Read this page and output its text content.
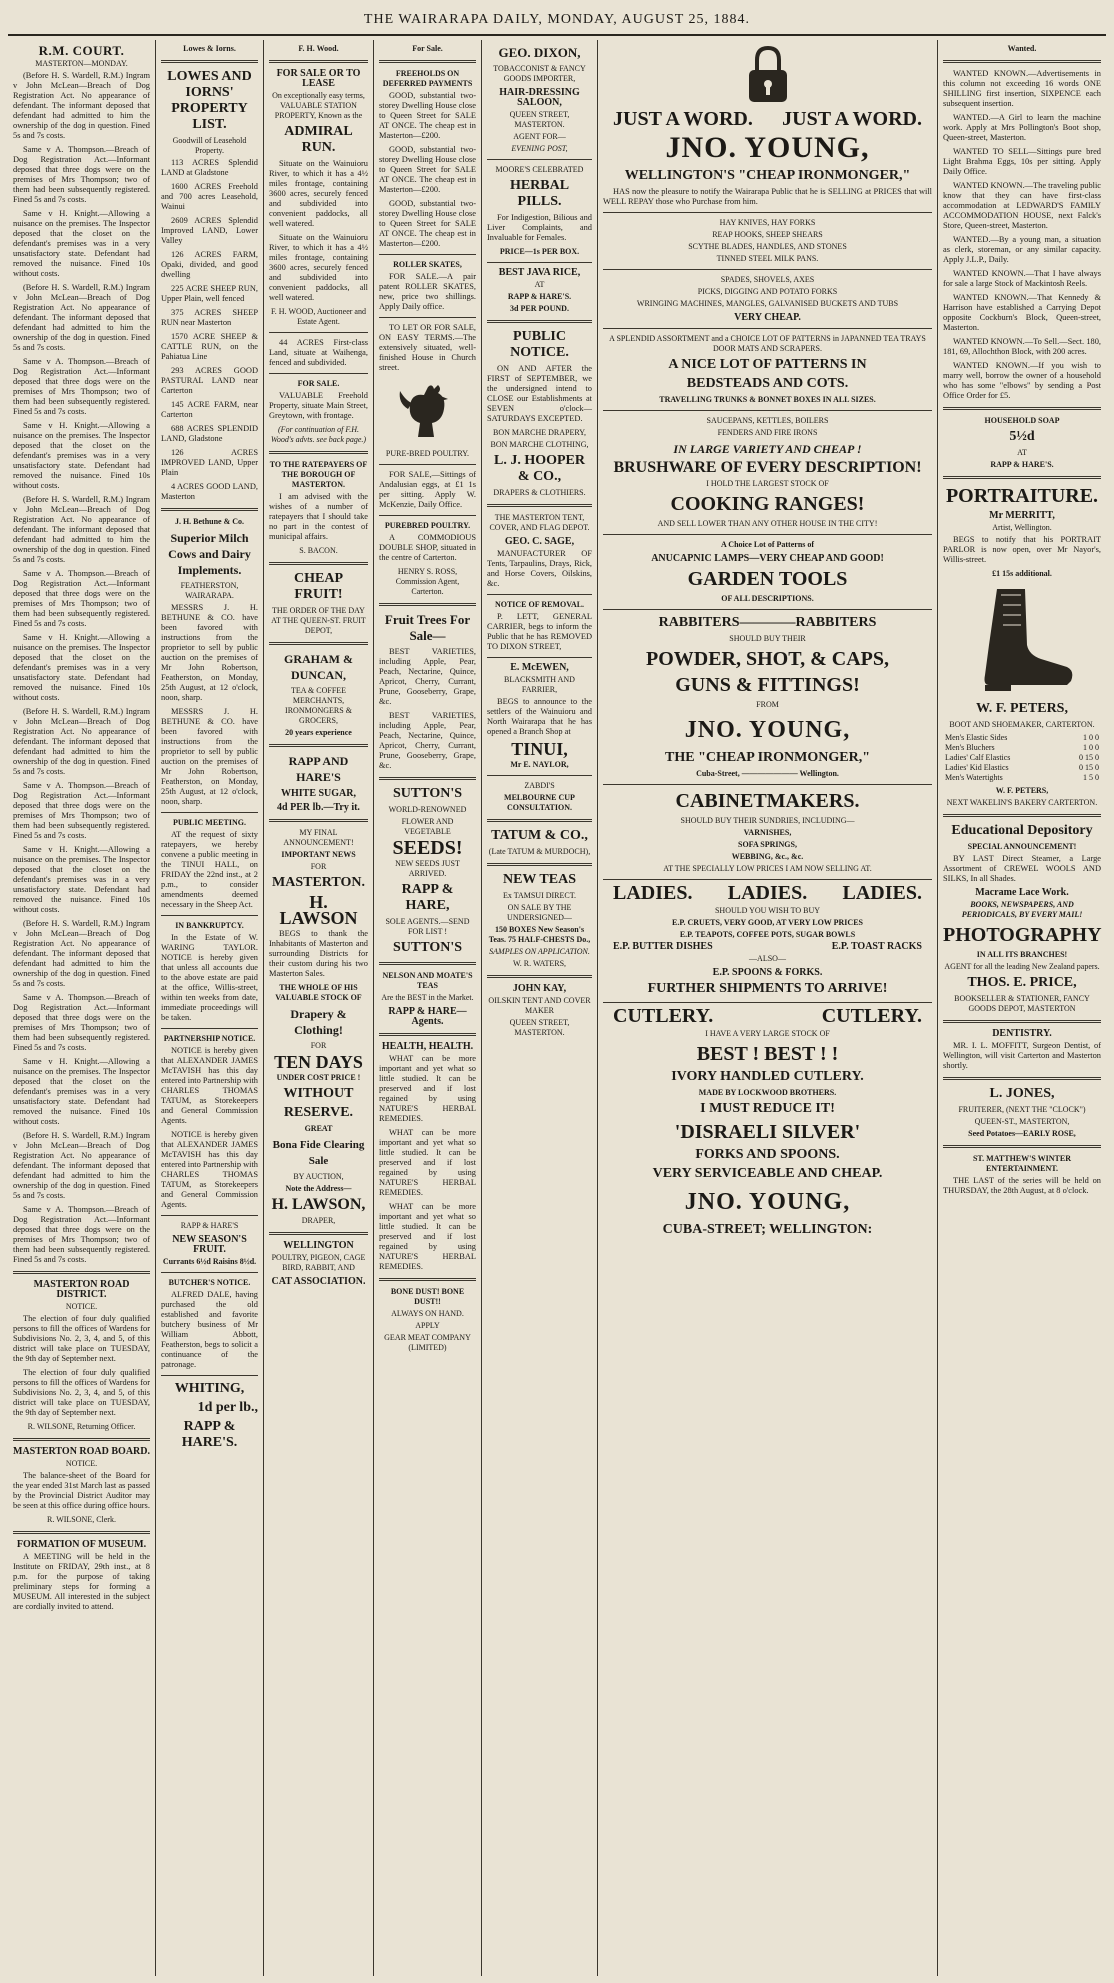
THE WAIRARAPA DAILY, MONDAY, AUGUST 25, 1884.
R.M. COURT.
MASTERTON—MONDAY.

(Before H. S. Wardell, R.M.) Ingram v John McLean—Breach of Dog Registration Act. No appearance of defendant. The informant deposed that defendant had admitted to him the ownership of the dog in question. Fined 5s and 7s costs.

Same v A. Thompson.—Breach of Dog Registration Act.—Informant deposed that three dogs were on the premises of Mrs Thompson; two of them had been subsequently registered. Fined 5s and 7s costs.

Same v H. Knight.—Allowing a nuisance on the premises. The Inspector deposed that the closet on the defendant's premises was in a very unsatisfactory state. Defendant had removed the nuisance. Fined 10s without costs.

(Before H. S. Wardell, R.M.) Ingram v John McLean—Breach of Dog Registration Act. No appearance of defendant. The informant deposed that defendant had admitted to him the ownership of the dog in question. Fined 5s and 7s costs.

Same v A. Thompson.—Breach of Dog Registration Act.—Informant deposed that three dogs were on the premises of Mrs Thompson; two of them had been subsequently registered. Fined 5s and 7s costs.

Same v H. Knight.—Allowing a nuisance on the premises. The Inspector deposed that the closet on the defendant's premises was in a very unsatisfactory state. Defendant had removed the nuisance. Fined 10s without costs.

(Before H. S. Wardell, R.M.) Ingram v John McLean—Breach of Dog Registration Act. No appearance of defendant. The informant deposed that defendant had admitted to him the ownership of the dog in question. Fined 5s and 7s costs.

Same v A. Thompson.—Breach of Dog Registration Act.—Informant deposed that three dogs were on the premises of Mrs Thompson; two of them had been subsequently registered. Fined 5s and 7s costs.

Same v H. Knight.—Allowing a nuisance on the premises. The Inspector deposed that the closet on the defendant's premises was in a very unsatisfactory state. Defendant had removed the nuisance. Fined 10s without costs.

(Before H. S. Wardell, R.M.) Ingram v John McLean—Breach of Dog Registration Act. No appearance of defendant. The informant deposed that defendant had admitted to him the ownership of the dog in question. Fined 5s and 7s costs.

Same v A. Thompson.—Breach of Dog Registration Act.—Informant deposed that three dogs were on the premises of Mrs Thompson; two of them had been subsequently registered. Fined 5s and 7s costs.

Same v H. Knight.—Allowing a nuisance on the premises. The Inspector deposed that the closet on the defendant's premises was in a very unsatisfactory state. Defendant had removed the nuisance. Fined 10s without costs.

(Before H. S. Wardell, R.M.) Ingram v John McLean—Breach of Dog Registration Act. No appearance of defendant. The informant deposed that defendant had admitted to him the ownership of the dog in question. Fined 5s and 7s costs.

Same v A. Thompson.—Breach of Dog Registration Act.—Informant deposed that three dogs were on the premises of Mrs Thompson; two of them had been subsequently registered. Fined 5s and 7s costs.

Same v H. Knight.—Allowing a nuisance on the premises. The Inspector deposed that the closet on the defendant's premises was in a very unsatisfactory state. Defendant had removed the nuisance. Fined 10s without costs.

(Before H. S. Wardell, R.M.) Ingram v John McLean—Breach of Dog Registration Act. No appearance of defendant. The informant deposed that defendant had admitted to him the ownership of the dog in question. Fined 5s and 7s costs.

Same v A. Thompson.—Breach of Dog Registration Act.—Informant deposed that three dogs were on the premises of Mrs Thompson; two of them had been subsequently registered. Fined 5s and 7s costs.

MASTERTON ROAD DISTRICT.
NOTICE.

The election of four duly qualified persons to fill the offices of Wardens for Subdivisions No. 2, 3, 4, and 5, of this district will take place on TUESDAY, the 9th day of September next.

The election of four duly qualified persons to fill the offices of Wardens for Subdivisions No. 2, 3, 4, and 5, of this district will take place on TUESDAY, the 9th day of September next.

R. WILSONE, Returning Officer.
MASTERTON ROAD BOARD.
NOTICE.

The balance-sheet of the Board for the year ended 31st March last as passed by the Provincial District Auditor may be seen at this office during office hours.

R. WILSONE, Clerk.
FORMATION OF MUSEUM.

A MEETING will be held in the Institute on FRIDAY, 29th inst., at 8 p.m. for the purpose of taking preliminary steps for forming a MUSEUM. All interested in the subject are cordially invited to attend.

Lowes & Iorns.
LOWES AND IORNS' PROPERTY LIST.
Goodwill of Leasehold Property.

113 ACRES Splendid LAND at Gladstone

1600 ACRES Freehold and 700 acres Leasehold, Wainui

2609 ACRES Splendid Improved LAND, Lower Valley

126 ACRES FARM, Opaki, divided, and good dwelling

225 ACRE SHEEP RUN, Upper Plain, well fenced

375 ACRES SHEEP RUN near Masterton

1570 ACRE SHEEP & CATTLE RUN, on the Pahiatua Line

293 ACRES GOOD PASTURAL LAND near Carterton

145 ACRE FARM, near Carterton

688 ACRES SPLENDID LAND, Gladstone

126 ACRES IMPROVED LAND, Upper Plain

4 ACRES GOOD LAND, Masterton

J. H. Bethune & Co.
Superior Milch Cows and Dairy Implements.
FEATHERSTON, WAIRARAPA.

MESSRS J. H. BETHUNE & CO. have been favored with instructions from the proprietor to sell by public auction on the premises of Mr John Robertson, Featherston, on Monday, 25th August, at 12 o'clock, noon, sharp.

MESSRS J. H. BETHUNE & CO. have been favored with instructions from the proprietor to sell by public auction on the premises of Mr John Robertson, Featherston, on Monday, 25th August, at 12 o'clock, noon, sharp.

PUBLIC MEETING.

AT the request of sixty ratepayers, we hereby convene a public meeting in the TINUI HALL, on FRIDAY the 22nd inst., at 2 p.m., to consider amendments deemed necessary in the Sheep Act.

IN BANKRUPTCY.

In the Estate of W. WARING TAYLOR. NOTICE is hereby given that unless all accounts due to the above estate are paid at the office, Willis-street, within ten weeks from date, immediate proceedings will be taken.

PARTNERSHIP NOTICE.

NOTICE is hereby given that ALEXANDER JAMES McTAVISH has this day entered into Partnership with CHARLES THOMAS TATUM, as Storekeepers and General Commission Agents.

NOTICE is hereby given that ALEXANDER JAMES McTAVISH has this day entered into Partnership with CHARLES THOMAS TATUM, as Storekeepers and General Commission Agents.

RAPP & HARE'S
NEW SEASON'S FRUIT.
Currants 6½d Raisins 8½d.
BUTCHER'S NOTICE.

ALFRED DALE, having purchased the old established and favorite butchery business of Mr William Abbott, Featherston, begs to solicit a continuance of the patronage.

WHITING,
1d per lb.,
RAPP & HARE'S.
F. H. Wood.
FOR SALE OR TO LEASE
On exceptionally easy terms, VALUABLE STATION PROPERTY, Known as the
ADMIRAL RUN.

Situate on the Wainuioru River, to which it has a 4½ miles frontage, containing 3600 acres, securely fenced and subdivided into convenient paddocks, all well watered.

Situate on the Wainuioru River, to which it has a 4½ miles frontage, containing 3600 acres, securely fenced and subdivided into convenient paddocks, all well watered.

F. H. WOOD, Auctioneer and Estate Agent.

44 ACRES First-class Land, situate at Waihenga, fenced and subdivided.

FOR SALE.

VALUABLE Freehold Property, situate Main Street, Greytown, with frontage.

(For continuation of F.H. Wood's advts. see back page.)
TO THE RATEPAYERS OF THE BOROUGH OF MASTERTON.

I am advised with the wishes of a number of ratepayers that I should take no part in the contest of municipal affairs.

S. BACON.
CHEAP FRUIT!
THE ORDER OF THE DAY AT THE QUEEN-ST. FRUIT DEPOT,
GRAHAM & DUNCAN,
TEA & COFFEE MERCHANTS, IRONMONGERS & GROCERS,
20 years experience
RAPP AND HARE'S
WHITE SUGAR,
4d PER lb.—Try it.
MY FINAL ANNOUNCEMENT!
IMPORTANT NEWS
FOR
MASTERTON.
H. LAWSON

BEGS to thank the Inhabitants of Masterton and surrounding Districts for their custom during his two Masterton Sales.

THE WHOLE OF HIS VALUABLE STOCK OF
Drapery & Clothing!
FOR
TEN DAYS
UNDER COST PRICE !
WITHOUT
RESERVE.
GREAT
Bona Fide Clearing Sale
BY AUCTION,
Note the Address—
H. LAWSON,
DRAPER,
WELLINGTON
POULTRY, PIGEON, CAGE BIRD, RABBIT, AND
CAT ASSOCIATION.
For Sale.
FREEHOLDS ON DEFERRED PAYMENTS

GOOD, substantial two-storey Dwelling House close to Queen Street for SALE AT ONCE. The cheap est in Masterton—£200.

GOOD, substantial two-storey Dwelling House close to Queen Street for SALE AT ONCE. The cheap est in Masterton—£200.

GOOD, substantial two-storey Dwelling House close to Queen Street for SALE AT ONCE. The cheap est in Masterton—£200.

ROLLER SKATES,

FOR SALE.—A pair patent ROLLER SKATES, new, price two shillings. Apply Daily office.

TO LET OR FOR SALE, ON EASY TERMS.—The extensively situated, well-finished House in Church street.

PURE-BRED POULTRY.

FOR SALE,—Sittings of Andalusian eggs, at £1 1s per sitting. Apply W. McKenzie, Daily Office.

PUREBRED POULTRY.

A COMMODIOUS DOUBLE SHOP, situated in the centre of Carterton.

HENRY S. ROSS, Commission Agent, Carterton.
Fruit Trees For Sale—

BEST VARIETIES, including Apple, Pear, Peach, Nectarine, Quince, Apricot, Cherry, Currant, Prune, Gooseberry, Grape, &c.

BEST VARIETIES, including Apple, Pear, Peach, Nectarine, Quince, Apricot, Cherry, Currant, Prune, Gooseberry, Grape, &c.

SUTTON'S
WORLD-RENOWNED
FLOWER AND VEGETABLE
SEEDS!
NEW SEEDS JUST ARRIVED.
RAPP & HARE,
SOLE AGENTS.—SEND FOR LIST !
SUTTON'S
NELSON AND MOATE'S TEAS
Are the BEST in the Market.
RAPP & HARE—Agents.
HEALTH, HEALTH.

WHAT can be more important and yet what so little studied. It can be preserved and if lost regained by using NATURE'S HERBAL REMEDIES.

WHAT can be more important and yet what so little studied. It can be preserved and if lost regained by using NATURE'S HERBAL REMEDIES.

WHAT can be more important and yet what so little studied. It can be preserved and if lost regained by using NATURE'S HERBAL REMEDIES.

BONE DUST! BONE DUST!!
ALWAYS ON HAND.
APPLY
GEAR MEAT COMPANY (LIMITED)
GEO. DIXON,
TOBACCONIST & FANCY GOODS IMPORTER,
HAIR-DRESSING SALOON,
QUEEN STREET, MASTERTON.
AGENT FOR—
EVENING POST,
MOORE'S CELEBRATED
HERBAL PILLS.

For Indigestion, Bilious and Liver Complaints, and Invaluable for Females.

PRICE—1s PER BOX.
BEST JAVA RICE,
AT
RAPP & HARE'S.
3d PER POUND.
PUBLIC NOTICE.

ON AND AFTER the FIRST of SEPTEMBER, we the undersigned intend to CLOSE our Establishments at SEVEN o'clock—SATURDAYS EXCEPTED.

BON MARCHE DRAPERY,
BON MARCHE CLOTHING,
L. J. HOOPER & CO.,
DRAPERS & CLOTHIERS.
THE MASTERTON TENT, COVER, AND FLAG DEPOT.
GEO. C. SAGE,

MANUFACTURER OF Tents, Tarpaulins, Drays, Rick, and Horse Covers, Oilskins, &c.

NOTICE OF REMOVAL.

P. LETT, GENERAL CARRIER, begs to inform the Public that he has REMOVED TO DIXON STREET,

E. McEWEN,
BLACKSMITH AND FARRIER,

BEGS to announce to the settlers of the Wainuioru and North Wairarapa that he has opened a Branch Shop at

TINUI,
Mr E. NAYLOR,
ZABDI'S
MELBOURNE CUP CONSULTATION.
TATUM & CO.,
(Late TATUM & MURDOCH),
NEW TEAS
Ex TAMSUI DIRECT.
ON SALE BY THE UNDERSIGNED—
150 BOXES New Season's Teas. 75 HALF-CHESTS Do.,
SAMPLES ON APPLICATION.
W. R. WATERS,
JOHN KAY,
OILSKIN TENT AND COVER MAKER
QUEEN STREET, MASTERTON.
JUST A WORD. JUST A WORD.
JNO. YOUNG,
WELLINGTON'S "CHEAP IRONMONGER,"

HAS now the pleasure to notify the Wairarapa Public that he is SELLING at PRICES that will WELL REPAY those who Purchase from him.

HAY KNIVES, HAY FORKS
REAP HOOKS, SHEEP SHEARS
SCYTHE BLADES, HANDLES, AND STONES
TINNED STEEL MILK PANS.
SPADES, SHOVELS, AXES
PICKS, DIGGING AND POTATO FORKS
WRINGING MACHINES, MANGLES, GALVANISED BUCKETS AND TUBS
VERY CHEAP.
A SPLENDID ASSORTMENT and a CHOICE LOT OF PATTERNS in JAPANNED TEA TRAYS DOOR MATS AND SCRAPERS.
A NICE LOT OF PATTERNS IN
BEDSTEADS AND COTS.
TRAVELLING TRUNKS & BONNET BOXES IN ALL SIZES.
SAUCEPANS, KETTLES, BOILERS
FENDERS AND FIRE IRONS
IN LARGE VARIETY AND CHEAP !
BRUSHWARE OF EVERY DESCRIPTION!
I HOLD THE LARGEST STOCK OF
COOKING RANGES!
AND SELL LOWER THAN ANY OTHER HOUSE IN THE CITY!
A Choice Lot of Patterns of
ANUCAPNIC LAMPS—VERY CHEAP AND GOOD!
GARDEN TOOLS
OF ALL DESCRIPTIONS.
RABBITERS————RABBITERS
SHOULD BUY THEIR
POWDER, SHOT, & CAPS,
GUNS & FITTINGS!
FROM
JNO. YOUNG,
THE "CHEAP IRONMONGER,"
Cuba-Street, ——————— Wellington.
CABINETMAKERS.
SHOULD BUY THEIR SUNDRIES, INCLUDING—
VARNISHES,
SOFA SPRINGS,
WEBBING, &c., &c.
AT THE SPECIALLY LOW PRICES I AM NOW SELLING AT.
LADIES. LADIES. LADIES.
SHOULD YOU WISH TO BUY
E.P. CRUETS, VERY GOOD, AT VERY LOW PRICES
E.P. TEAPOTS, COFFEE POTS, SUGAR BOWLS
E.P. BUTTER DISHES	E.P. TOAST RACKS
—ALSO—
E.P. SPOONS & FORKS.
FURTHER SHIPMENTS TO ARRIVE!
CUTLERY.	CUTLERY.
I HAVE A VERY LARGE STOCK OF
BEST ! BEST ! !
IVORY HANDLED CUTLERY.
MADE BY LOCKWOOD BROTHERS.
I MUST REDUCE IT!
'DISRAELI SILVER'
FORKS AND SPOONS.
VERY SERVICEABLE AND CHEAP.
JNO. YOUNG,
CUBA-STREET; WELLINGTON:
Wanted.

WANTED KNOWN.—Advertisements in this column not exceeding 16 words ONE SHILLING first insertion, SIXPENCE each subsequent insertion.

WANTED.—A Girl to learn the machine work. Apply at Mrs Pollington's Boot shop, Queen-street, Masterton.

WANTED TO SELL—Sittings pure bred Light Brahma Eggs, 10s per sitting. Apply Daily Office.

WANTED KNOWN.—The traveling public know that they can have first-class accommodation at LEDWARD'S FAMILY ACCOMMODATION HOUSE, next Falck's Store, Queen-street, Masterton.

WANTED.—By a young man, a situation as clerk, storeman, or any similar capacity. Apply J.L.P., Daily.

WANTED KNOWN.—That I have always for sale a large Stock of Mackintosh Reels.

WANTED KNOWN.—That Kennedy & Harrison have established a Carrying Depot opposite Cockburn's Block, Queen-street, Masterton.

WANTED KNOWN.—To Sell.—Sect. 180, 181, 69, Allochthon Block, with 200 acres.

WANTED KNOWN.—If you wish to marry well, borrow the owner of a household who has some "elbows" by sending a Post Office Order for £5.

HOUSEHOLD SOAP
5½d
AT
RAPP & HARE'S.
PORTRAITURE.
Mr MERRITT,
Artist, Wellington.

BEGS to notify that his PORTRAIT PARLOR is now open, over Mr Nayor's, Willis-street.

£1 15s additional.
W. F. PETERS,
BOOT AND SHOEMAKER, CARTERTON.
Men's Elastic Sides	1 0 0
Men's Bluchers	1 0 0
Ladies' Calf Elastics	0 15 0
Ladies' Kid Elastics	0 15 0
Men's Watertights	1 5 0
W. F. PETERS,
NEXT WAKELIN'S BAKERY CARTERTON.
Educational Depository
SPECIAL ANNOUNCEMENT!

BY LAST Direct Steamer, a Large Assortment of CREWEL WOOLS AND SILKS, In all Shades.

Macrame Lace Work.
BOOKS, NEWSPAPERS, AND PERIODICALS, BY EVERY MAIL!
PHOTOGRAPHY
IN ALL ITS BRANCHES!
AGENT for all the leading New Zealand papers.
THOS. E. PRICE,
BOOKSELLER & STATIONER, FANCY GOODS DEPOT, MASTERTON
DENTISTRY.

MR. I. L. MOFFITT, Surgeon Dentist, of Wellington, will visit Carterton and Masterton shortly.

L. JONES,
FRUITERER, (NEXT THE "CLOCK")
QUEEN-ST., MASTERTON,
Seed Potatoes—EARLY ROSE,
ST. MATTHEW'S WINTER ENTERTAINMENT.

THE LAST of the series will be held on THURSDAY, the 28th August, at 8 o'clock.
